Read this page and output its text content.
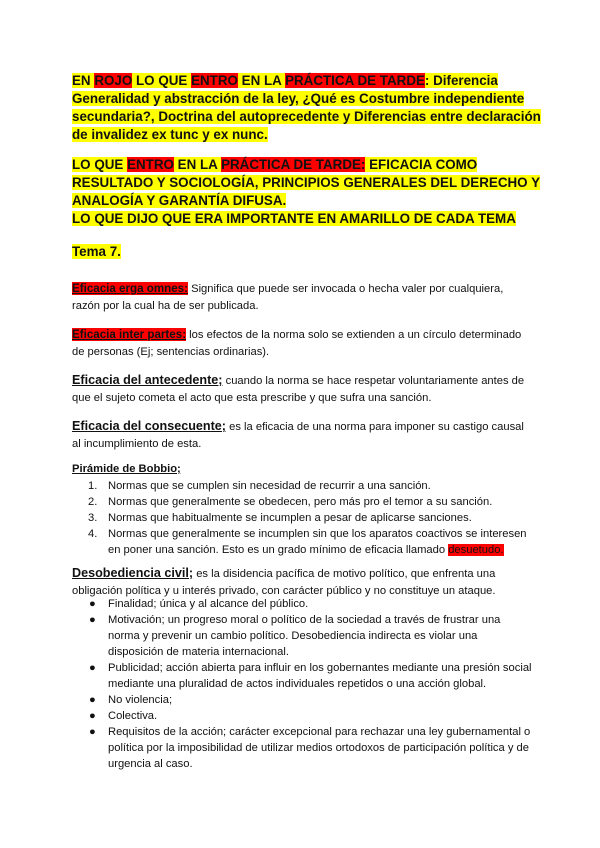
EN ROJO LO QUE ENTRO EN LA PRÁCTICA DE TARDE: Diferencia Generalidad y abstracción de la ley, ¿Qué es Costumbre independiente secundaria?, Doctrina del autoprecedente y Diferencias entre declaración de invalidez ex tunc y ex nunc.
LO QUE ENTRO EN LA PRÁCTICA DE TARDE: EFICACIA COMO RESULTADO Y SOCIOLOGÍA, PRINCIPIOS GENERALES DEL DERECHO Y ANALOGÍA Y GARANTÍA DIFUSA.
LO QUE DIJO QUE ERA IMPORTANTE EN AMARILLO DE CADA TEMA
Tema 7.
Eficacia erga omnes: Significa que puede ser invocada o hecha valer por cualquiera, razón por la cual ha de ser publicada.
Eficacia inter partes: los efectos de la norma solo se extienden a un círculo determinado de personas (Ej; sentencias ordinarias).
Eficacia del antecedente; cuando la norma se hace respetar voluntariamente antes de que el sujeto cometa el acto que esta prescribe y que sufra una sanción.
Eficacia del consecuente; es la eficacia de una norma para imponer su castigo causal al incumplimiento de esta.
Pirámide de Bobbio;
1. Normas que se cumplen sin necesidad de recurrir a una sanción.
2. Normas que generalmente se obedecen, pero más pro el temor a su sanción.
3. Normas que habitualmente se incumplen a pesar de aplicarse sanciones.
4. Normas que generalmente se incumplen sin que los aparatos coactivos se interesen en poner una sanción. Esto es un grado mínimo de eficacia llamado desuetudo.
Desobediencia civil; es la disidencia pacífica de motivo político, que enfrenta una obligación política y u interés privado, con carácter público y no constituye un ataque.
● Finalidad; única y al alcance del público.
● Motivación; un progreso moral o político de la sociedad a través de frustrar una norma y prevenir un cambio político. Desobediencia indirecta es violar una disposición de materia internacional.
● Publicidad; acción abierta para influir en los gobernantes mediante una presión social mediante una pluralidad de actos individuales repetidos o una acción global.
● No violencia;
● Colectiva.
● Requisitos de la acción; carácter excepcional para rechazar una ley gubernamental o política por la imposibilidad de utilizar medios ortodoxos de participación política y de urgencia al caso.
